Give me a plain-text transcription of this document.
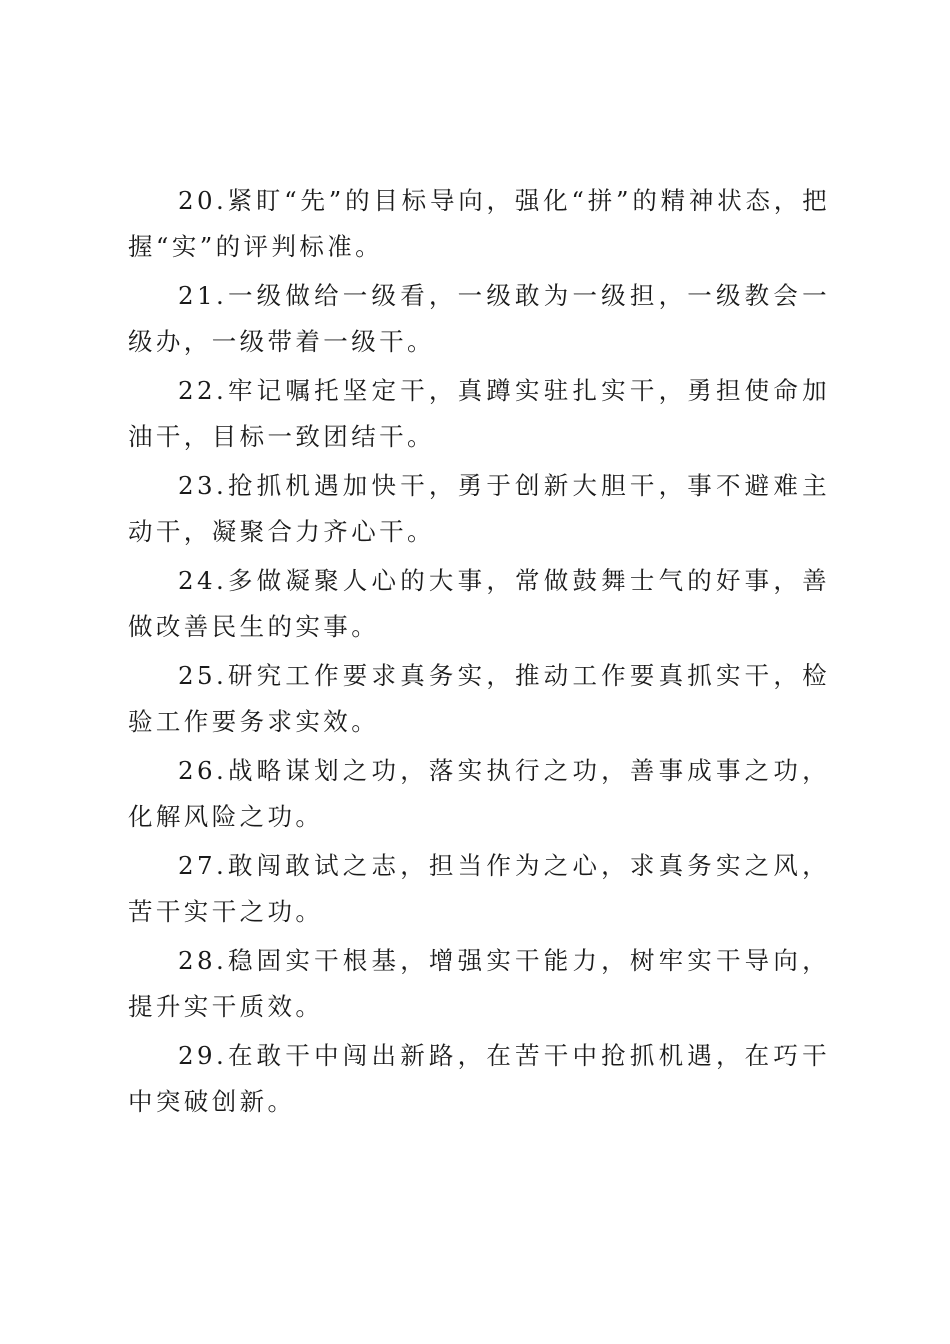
20.紧盯“先”的目标导向，强化“拼”的精神状态，把握“实”的评判标准。

21.一级做给一级看，一级敢为一级担，一级教会一级办，一级带着一级干。

22.牢记嘱托坚定干，真蹲实驻扎实干，勇担使命加油干，目标一致团结干。

23.抢抓机遇加快干，勇于创新大胆干，事不避难主动干，凝聚合力齐心干。

24.多做凝聚人心的大事，常做鼓舞士气的好事，善做改善民生的实事。

25.研究工作要求真务实，推动工作要真抓实干，检验工作要务求实效。

26.战略谋划之功，落实执行之功，善事成事之功，化解风险之功。

27.敢闯敢试之志，担当作为之心，求真务实之风，苦干实干之功。

28.稳固实干根基，增强实干能力，树牢实干导向，提升实干质效。

29.在敢干中闯出新路，在苦干中抢抓机遇，在巧干中突破创新。
